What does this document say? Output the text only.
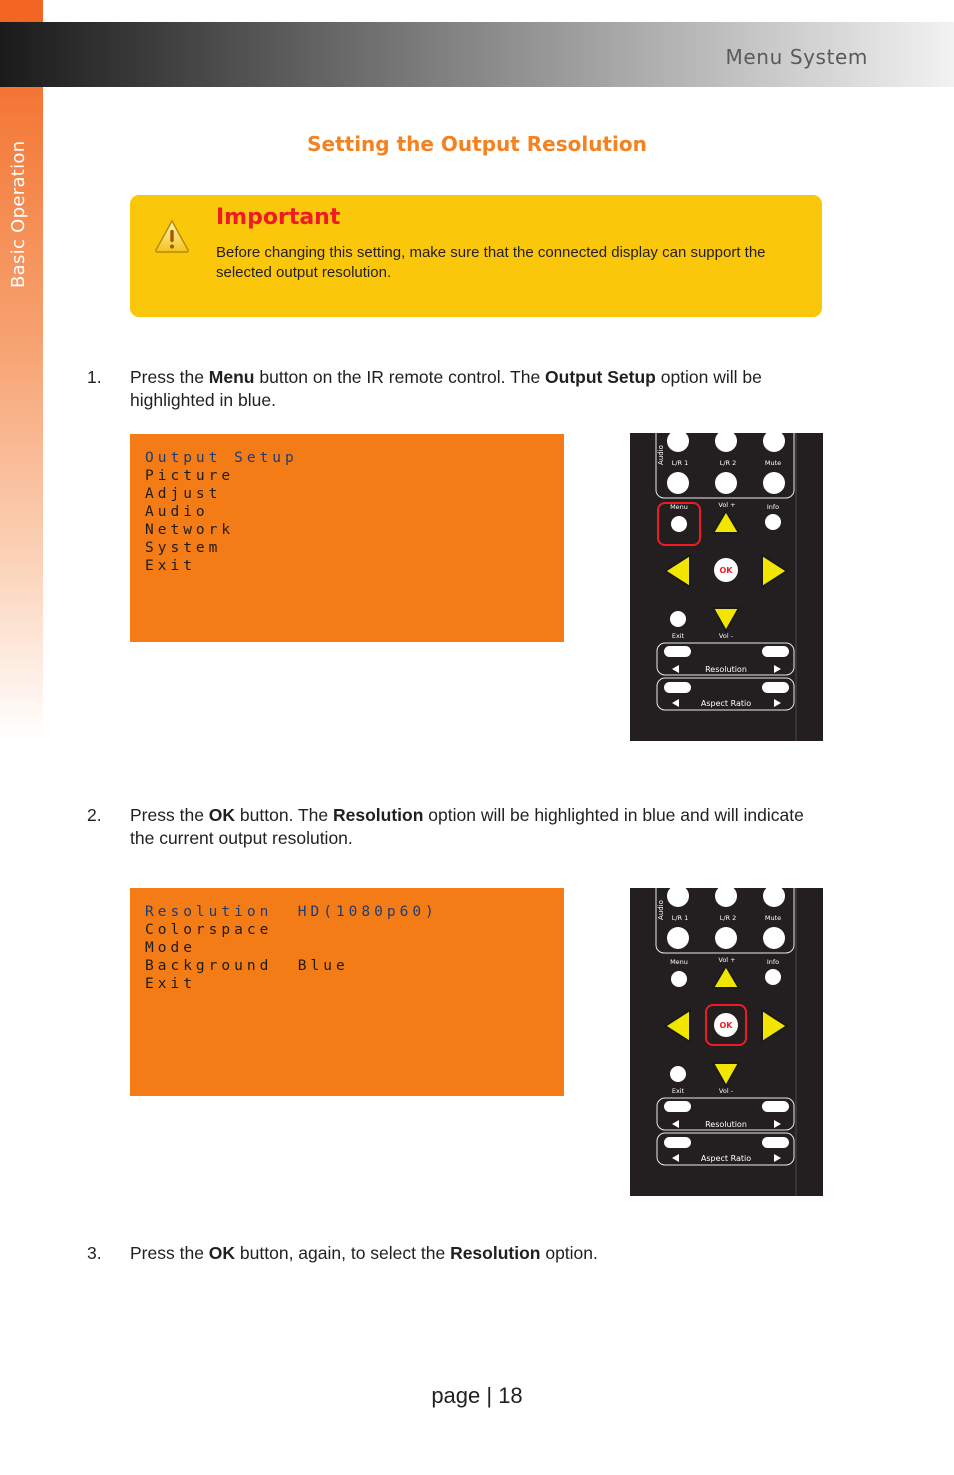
Basic Operation
Menu System
Setting the Output Resolution
Important
Before changing this setting, make sure that the connected display can support the selected output resolution.
1. Press the Menu button on the IR remote control. The Output Setup option will be highlighted in blue.
Output Setup
Picture
Adjust
Audio
Network
System
Exit
Audio L/R 1	L/R 2	Mute
Menu	Vol +	Info
OK
Exit	Vol -
Resolution
Aspect Ratio
2. Press the OK button. The Resolution option will be highlighted in blue and will indicate the current output resolution.
Resolution  HD(1080p60)
Colorspace
Mode
Background  Blue
Exit
Audio L/R 1	L/R 2	Mute
Menu	Vol +	Info
OK
Exit	Vol -
Resolution
Aspect Ratio
3. Press the OK button, again, to select the Resolution option.
page | 18
